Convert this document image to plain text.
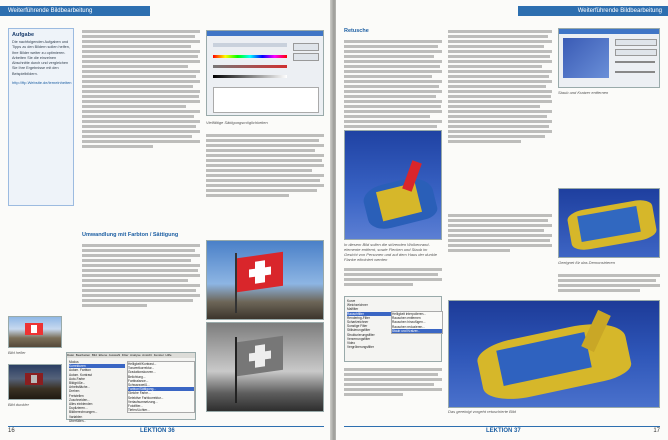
Weiterführende Bildbearbeitung
Aufgabe
Die nachfolgenden Aufgaben und Tipps zu den Bildern sollen helfen, Ihre Bilder weiter zu optimieren. Arbeiten Sie die einzelnen Abschnitte durch und vergleichen Sie Ihre Ergebnisse mit den Beispielbildern.
http://ftp.Website.de/lerneinheiten
Vielfältige Sättigungsmöglichkeiten
Umwandlung mit Farbton / Sättigung
Bild heller
Bild dunkler
Datei Bearbeiten Bild Ebene Auswahl Filter Analyse Ansicht Fenster Hilfe
Modus
Korrekturen
Autom. Farbton
Autom. Kontrast
Auto-Farbe
Bildgröße...
Arbeitsfläche...
Drehen
Freistellen
Zuschneiden...
Alles einblenden
Duplizieren...
Bildberechnungen...
Variablen
Überfüllen...
Helligkeit/Kontrast...
Tonwertkorrektur...
Gradationskurven...
Belichtung...
Farbbalance...
Schwarzweiß...
Farbton/Sättigung...
Gleiche Farbe...
Selektive Farbkorrektur...
Verlaufsumsetzung...
Fotofilter...
Tiefen/Lichter...
16	LEKTION 36
Weiterführende Bildbearbeitung
Retusche
Staub und Kratzer entfernen
In diesem Bild sollen die störenden Wolkenrand-elemente entfernt, sowie Flecken und Staub im Gesicht von Personen und auf dem Haus der dunkle Flanke eliminiert werden
Kurve
Weichzeichner
Malfilter
Rauschfilter
Rendering-Filter
Scharfzeichner
Sonstige Filter
Stilisierungsfilter
Strukturierungsfilter
Verzerrungsfilter
Video
Vergröberungsfilter
Helligkeit interpolieren...
Rauschen entfernen
Rauschen hinzufügen...
Rauschen reduzieren...
Staub und Kratzer...
Geeignet für das Demonstrieren
Das gereinigt vorgeht retuschierte Bild
LEKTION 37	17
